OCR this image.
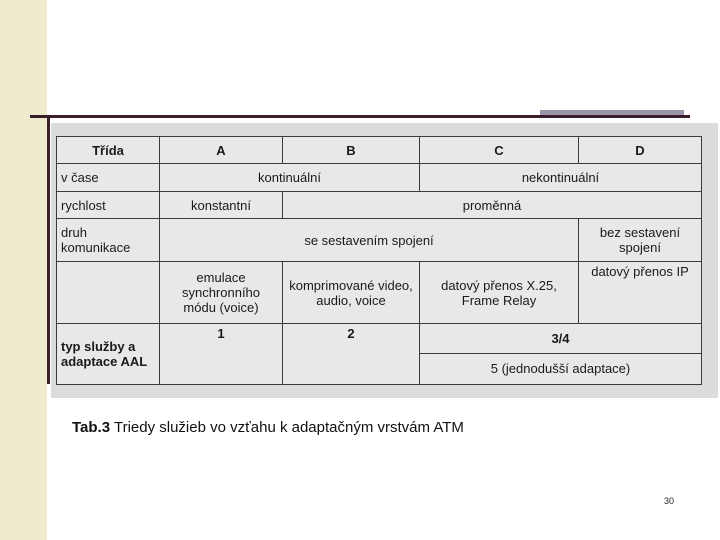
Třída	A	B	C	D
v čase	kontinuální		nekontinuální	
rychlost	konstantní	proměnná		
druh komunikace	se sestavením spojení			bez sestavení spojení
	emulace synchronního módu (voice)	komprimované video, audio, voice	datový přenos X.25, Frame Relay	datový přenos IP
typ služby a adaptace AAL	1	2	3/4	
			5 (jednodušší adaptace)	
Tab.3 Triedy služieb vo vzťahu k adaptačným vrstvám ATM
30
